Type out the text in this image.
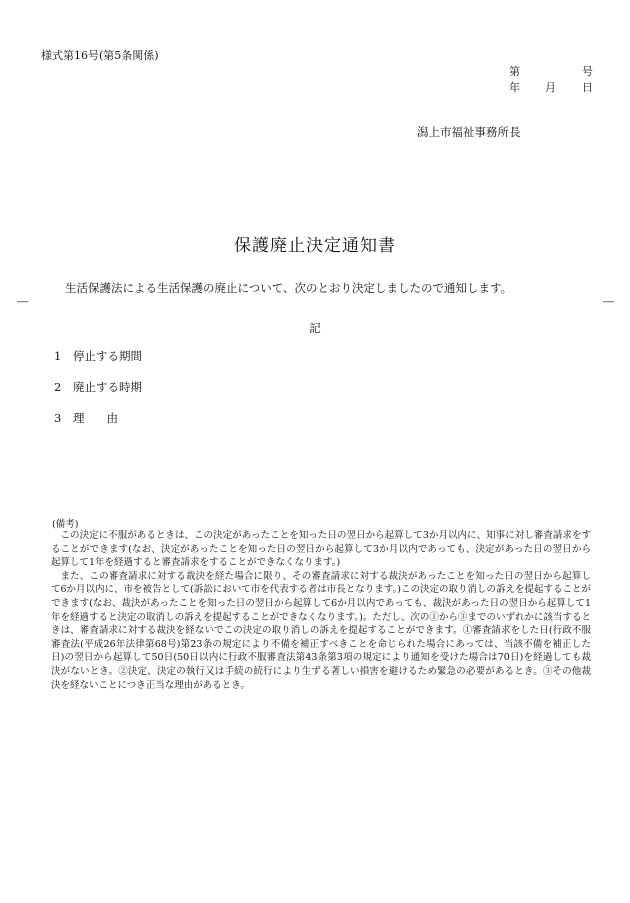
様式第16号(第5条関係)
第	号
年 月 日
潟上市福祉事務所長
保護廃止決定通知書
生活保護法による生活保護の廃止について、次のとおり決定しましたので通知します。
―	―
記
1 停止する期間
2 廃止する時期
3 理 由
(備考)

この決定に不服があるときは、この決定があったことを知った日の翌日から起算して3か月以内に、知事に対し審査請求をすることができます(なお、決定があったことを知った日の翌日から起算して3か月以内であっても、決定があった日の翌日から起算して1年を経過すると審査請求をすることができなくなります。)

また、この審査請求に対する裁決を経た場合に限り、その審査請求に対する裁決があったことを知った日の翌日から起算して6か月以内に、市を被告として(訴訟において市を代表する者は市長となります。)この決定の取り消しの訴えを提起することができます(なお、裁決があったことを知った日の翌日から起算して6か月以内であっても、裁決があった日の翌日から起算して1年を経過すると決定の取消しの訴えを提起することができなくなります。)。ただし、次の①から③までのいずれかに該当するときは、審査請求に対する裁決を経ないでこの決定の取り消しの訴えを提起することができます。①審査請求をした日(行政不服審査法(平成26年法律第68号)第23条の規定により不備を補正すべきことを命じられた場合にあっては、当該不備を補正した日)の翌日から起算して50日(50日以内に行政不服審査法第43条第3項の規定により通知を受けた場合は70日)を経過しても裁決がないとき。②決定、決定の執行又は手続の続行により生ずる著しい損害を避けるため緊急の必要があるとき。③その他裁決を経ないことにつき正当な理由があるとき。
